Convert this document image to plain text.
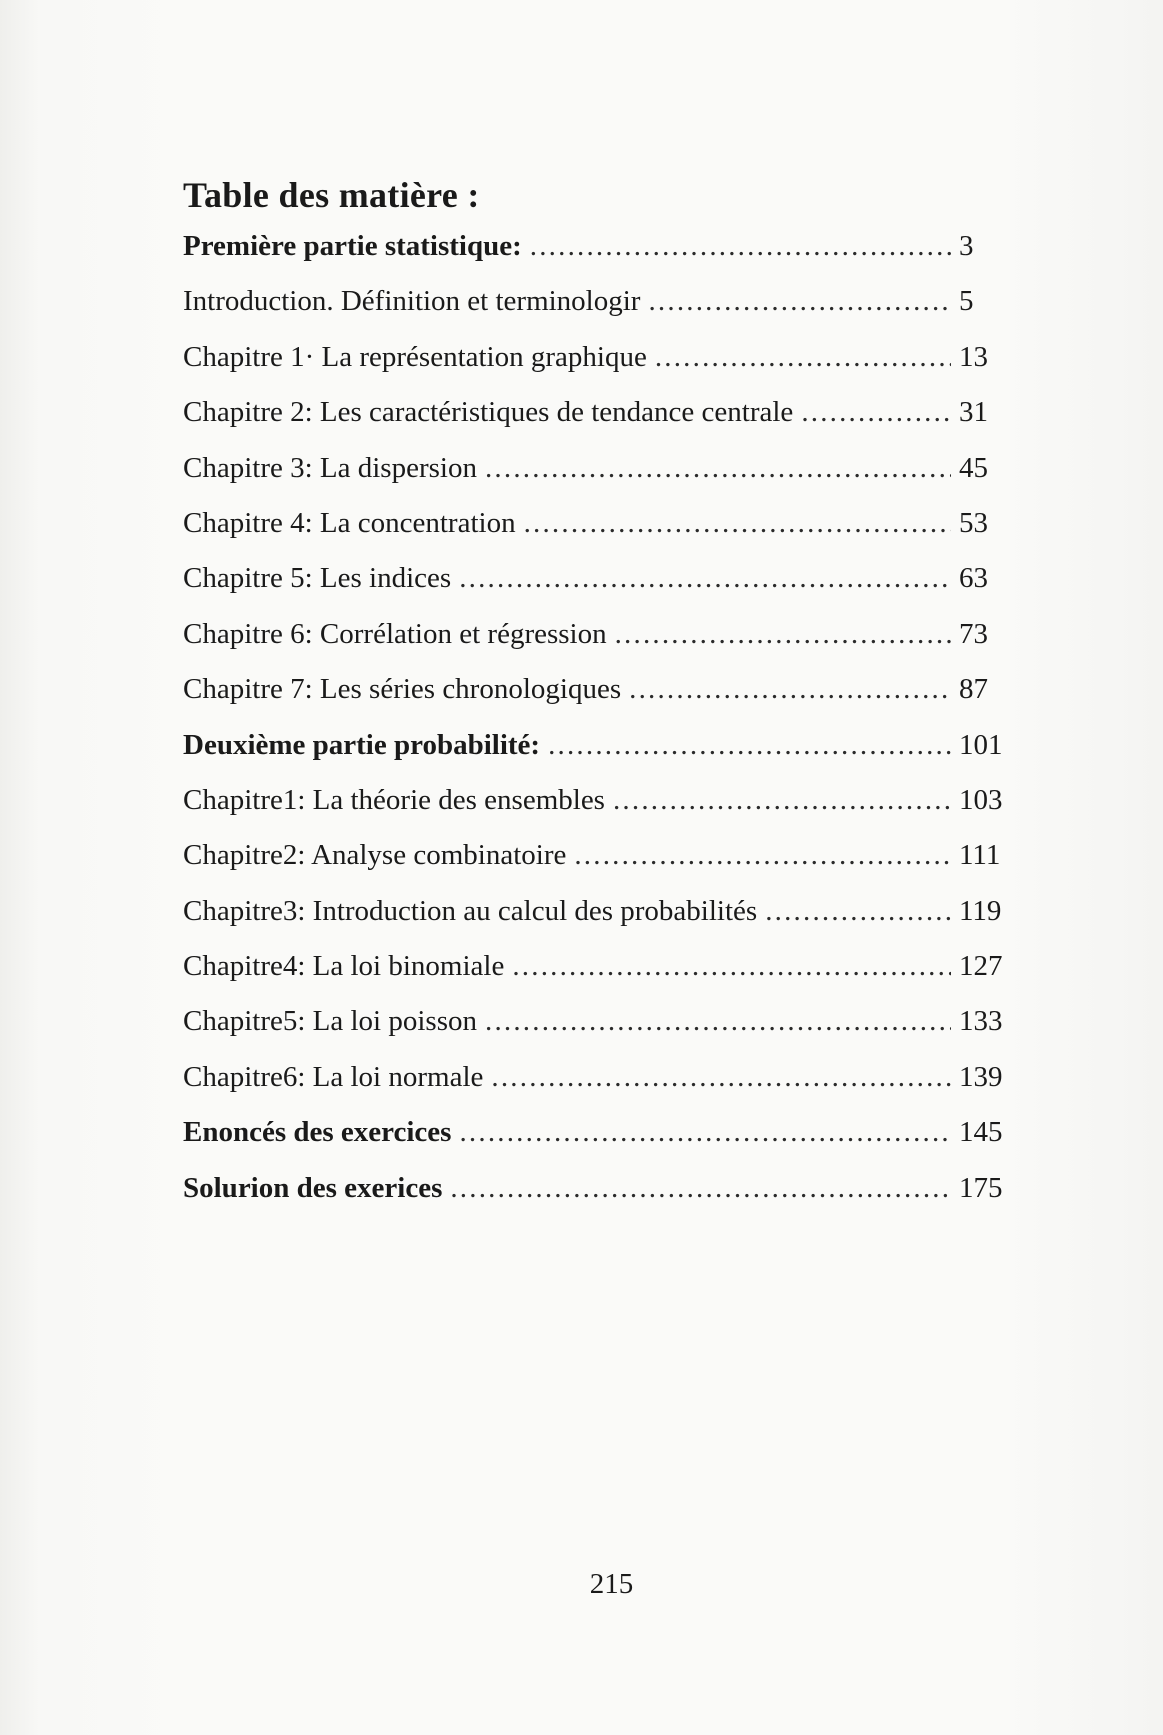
Table des matière :
Première partie statistique: .....	3
Introduction. Définition et terminologir .....	5
Chapitre 1· La représentation graphique .....	13
Chapitre 2: Les caractéristiques de tendance centrale .....	31
Chapitre 3: La dispersion .....	45
Chapitre 4: La concentration .....	53
Chapitre 5: Les indices .....	63
Chapitre 6: Corrélation et régression .....	73
Chapitre 7: Les séries chronologiques .....	87
Deuxième partie probabilité: .....	101
Chapitre1: La théorie des ensembles .....	103
Chapitre2: Analyse combinatoire .....	111
Chapitre3: Introduction au calcul des probabilités .....	119
Chapitre4: La loi binomiale .....	127
Chapitre5: La loi poisson .....	133
Chapitre6: La loi normale .....	139
Enoncés des exercices .....	145
Solurion des exerices .....	175
215
